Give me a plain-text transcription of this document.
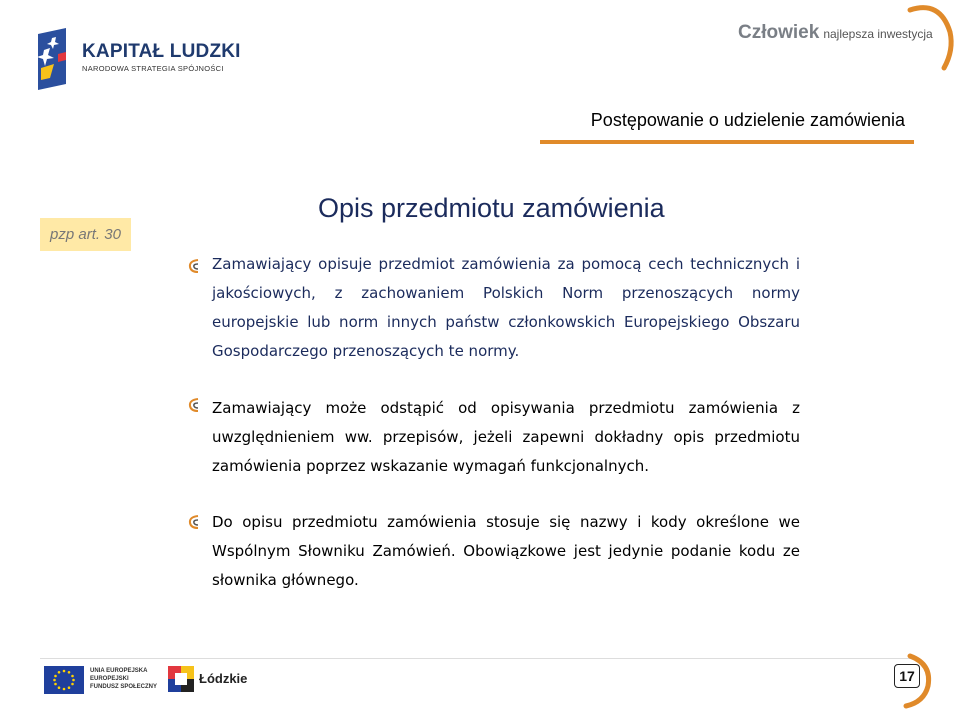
KAPITAŁ LUDZKI
NARODOWA STRATEGIA SPÓJNOŚCI
Człowiek najlepsza inwestycja
Postępowanie o udzielenie zamówienia
pzp art. 30
Opis przedmiotu zamówienia
Zamawiający opisuje przedmiot zamówienia za pomocą cech technicznych i jakościowych, z zachowaniem Polskich Norm przenoszących normy europejskie lub norm innych państw członkowskich Europejskiego Obszaru Gospodarczego przenoszących te normy.
Zamawiający może odstąpić od opisywania przedmiotu zamówienia z uwzględnieniem ww. przepisów, jeżeli zapewni dokładny opis przedmiotu zamówienia poprzez wskazanie wymagań funkcjonalnych.
Do opisu przedmiotu zamówienia stosuje się nazwy i kody określone we Wspólnym Słowniku Zamówień. Obowiązkowe jest jedynie podanie kodu ze słownika głównego.
UNIA EUROPEJSKA
EUROPEJSKI
FUNDUSZ SPOŁECZNY
Łódzkie	17
